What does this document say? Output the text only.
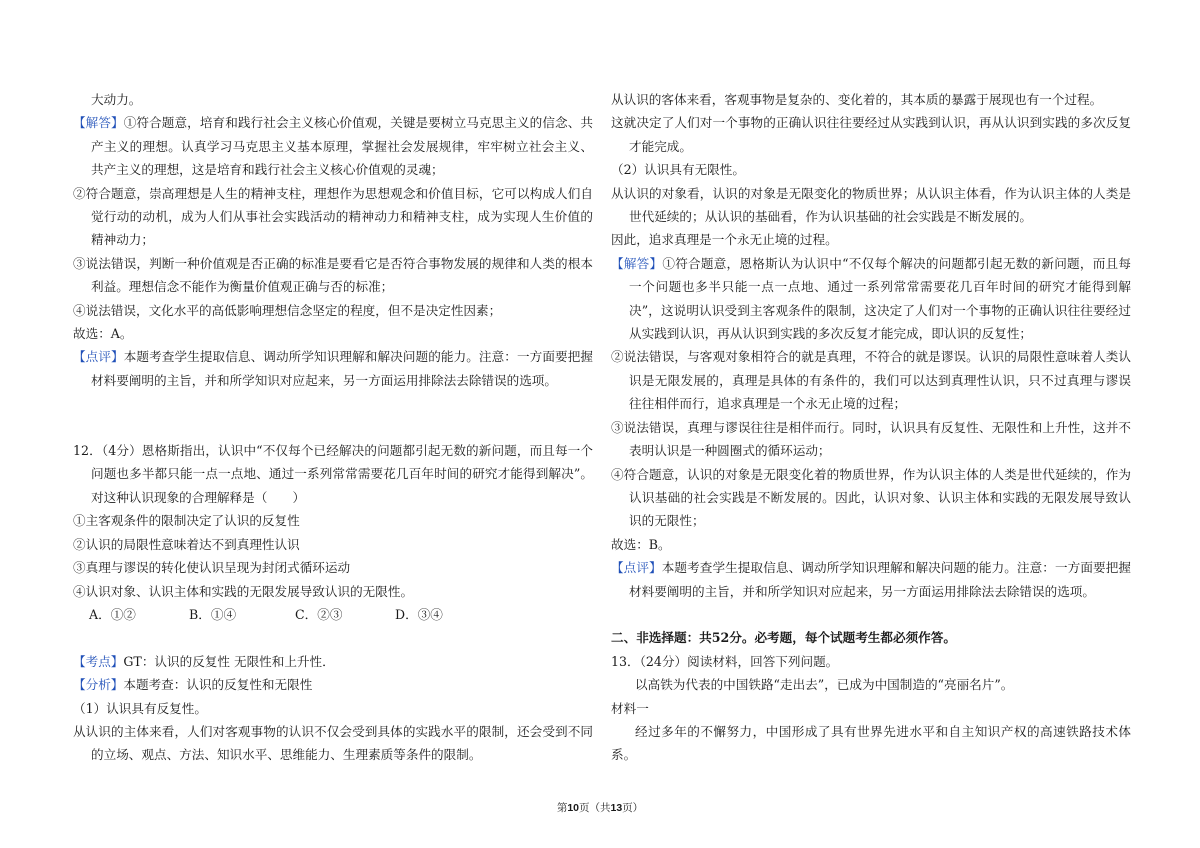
大动力。

【解答】①符合题意，培育和践行社会主义核心价值观，关键是要树立马克思主义的信念、共产主义的理想。认真学习马克思主义基本原理，掌握社会发展规律，牢牢树立社会主义、共产主义的理想，这是培育和践行社会主义核心价值观的灵魂；

②符合题意，崇高理想是人生的精神支柱，理想作为思想观念和价值目标，它可以构成人们自觉行动的动机，成为人们从事社会实践活动的精神动力和精神支柱，成为实现人生价值的精神动力；

③说法错误，判断一种价值观是否正确的标准是要看它是否符合事物发展的规律和人类的根本利益。理想信念不能作为衡量价值观正确与否的标准；

④说法错误，文化水平的高低影响理想信念坚定的程度，但不是决定性因素；

故选：A。

【点评】本题考查学生提取信息、调动所学知识理解和解决问题的能力。注意：一方面要把握材料要阐明的主旨，并和所学知识对应起来，另一方面运用排除法去除错误的选项。

12．（4分）恩格斯指出，认识中“不仅每个已经解决的问题都引起无数的新问题，而且每一个问题也多半都只能一点一点地、通过一系列常常需要花几百年时间的研究才能得到解决”。对这种认识现象的合理解释是（　　）

①主客观条件的限制决定了认识的反复性

②认识的局限性意味着达不到真理性认识

③真理与谬误的转化使认识呈现为封闭式循环运动

④认识对象、认识主体和实践的无限发展导致认识的无限性。

A．①②	B．①④	C．②③	D．③④

【考点】GT：认识的反复性 无限性和上升性．

【分析】本题考查：认识的反复性和无限性

（1）认识具有反复性。

从认识的主体来看，人们对客观事物的认识不仅会受到具体的实践水平的限制，还会受到不同的立场、观点、方法、知识水平、思维能力、生理素质等条件的限制。

从认识的客体来看，客观事物是复杂的、变化着的，其本质的暴露于展现也有一个过程。

这就决定了人们对一个事物的正确认识往往要经过从实践到认识，再从认识到实践的多次反复才能完成。

（2）认识具有无限性。

从认识的对象看，认识的对象是无限变化的物质世界；从认识主体看，作为认识主体的人类是世代延续的；从认识的基础看，作为认识基础的社会实践是不断发展的。

因此，追求真理是一个永无止境的过程。

【解答】①符合题意，恩格斯认为认识中“不仅每个解决的问题都引起无数的新问题，而且每一个问题也多半只能一点一点地、通过一系列常常需要花几百年时间的研究才能得到解决”，这说明认识受到主客观条件的限制，这决定了人们对一个事物的正确认识往往要经过从实践到认识，再从认识到实践的多次反复才能完成，即认识的反复性；

②说法错误，与客观对象相符合的就是真理，不符合的就是谬误。认识的局限性意味着人类认识是无限发展的，真理是具体的有条件的，我们可以达到真理性认识，只不过真理与谬误往往相伴而行，追求真理是一个永无止境的过程；

③说法错误，真理与谬误往往是相伴而行。同时，认识具有反复性、无限性和上升性，这并不表明认识是一种圆圈式的循环运动；

④符合题意，认识的对象是无限变化着的物质世界，作为认识主体的人类是世代延续的，作为认识基础的社会实践是不断发展的。因此，认识对象、认识主体和实践的无限发展导致认识的无限性；

故选：B。

【点评】本题考查学生提取信息、调动所学知识理解和解决问题的能力。注意：一方面要把握材料要阐明的主旨，并和所学知识对应起来，另一方面运用排除法去除错误的选项。

二、非选择题：共52分。必考题，每个试题考生都必须作答。

13．（24分）阅读材料，回答下列问题。

以高铁为代表的中国铁路“走出去”，已成为中国制造的“亮丽名片”。

材料一

经过多年的不懈努力，中国形成了具有世界先进水平和自主知识产权的高速铁路技术体系。

第10页（共13页）
